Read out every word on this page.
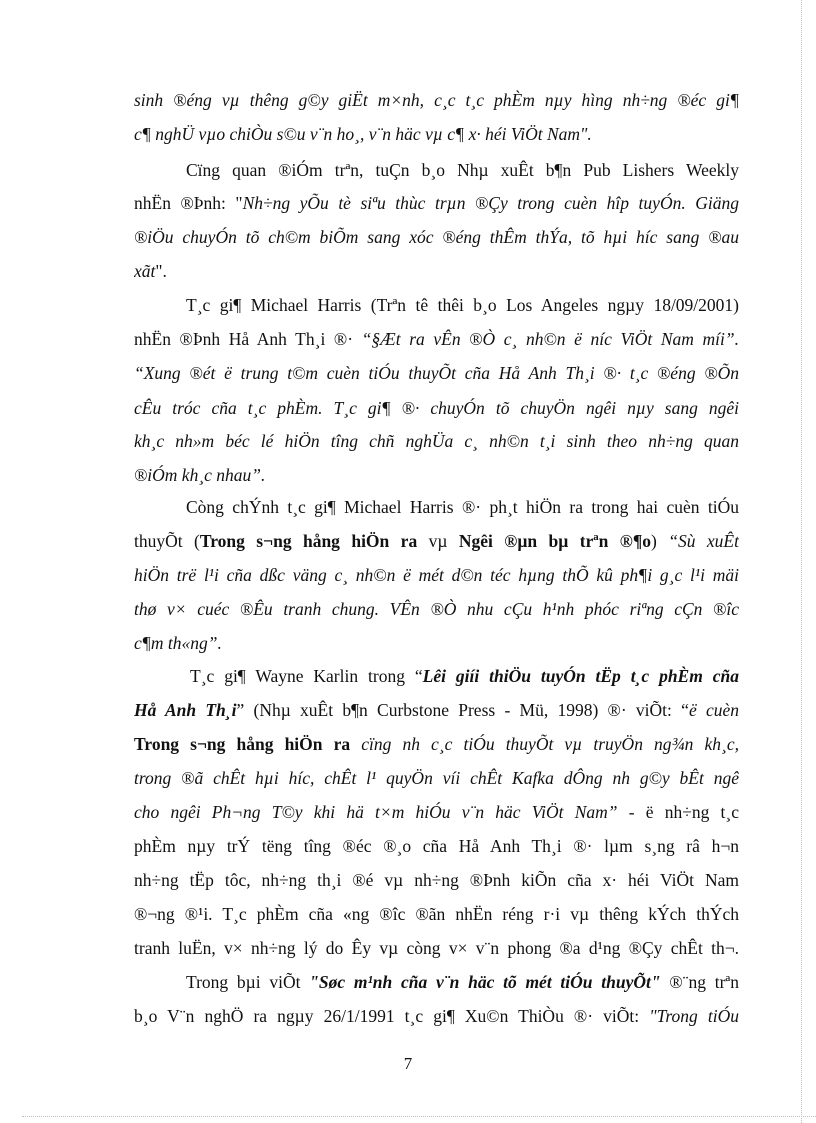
sinh ®éng vµ thêng g©y giËt m×nh, c¸c t¸c phÈm nµy hìng nh÷ng ®éc gi¶
c¶ nghÜ vµo chiÒu s©u v¨n ho¸, v¨n häc vµ c¶ x· héi ViÖt Nam".
Cïng quan ®iÓm trªn, tuÇn b¸o Nhµ xuÊt b¶n Pub Lishers Weekly
nhËn ®Þnh: "Nh÷ng yÕu tè siªu thùc trµn ®Çy trong cuèn hîp tuyÓn. Giäng
®iÖu chuyÓn tõ ch©m biÕm sang xóc ®éng thÊm thÝa, tõ hµi híc sang ®au
xãt".
T¸c gi¶ Michael Harris (Trªn tê thêi b¸o Los Angeles ngµy 18/09/2001)
nhËn ®Þnh Hå Anh Th¸i ®· “§Æt ra vÊn ®Ò c¸ nh©n ë níc ViÖt Nam míi”.
“Xung ®ét ë trung t©m cuèn tiÓu thuyÕt cña Hå Anh Th¸i ®· t¸c ®éng ®Õn
cÊu tróc cña t¸c phÈm. T¸c gi¶ ®· chuyÓn tõ chuyÖn ngêi nµy sang ngêi
kh¸c nh»m béc lé hiÖn tîng chñ nghÜa c¸ nh©n t¸i sinh theo nh÷ng quan
®iÓm kh¸c nhau”.
Còng chÝnh t¸c gi¶ Michael Harris ®· ph¸t hiÖn ra trong hai cuèn tiÓu
thuyÕt (Trong s¬ng hång hiÖn ra vµ Ngêi ®µn bµ trªn ®¶o) “Sù xuÊt
hiÖn trë l¹i cña dßc väng c¸ nh©n ë mét d©n téc hµng thÕ kû ph¶i g¸c l¹i mäi
thø v× cuéc ®Êu tranh chung. VÊn ®Ò nhu cÇu h¹nh phóc riªng cÇn ®îc
c¶m th«ng”.
T¸c gi¶ Wayne Karlin trong “Lêi giíi thiÖu tuyÓn tËp t¸c phÈm cña
Hå Anh Th¸i” (Nhµ xuÊt b¶n Curbstone Press - Mü, 1998) ®· viÕt: “ë cuèn
Trong s¬ng hång hiÖn ra cïng nh c¸c tiÓu thuyÕt vµ truyÖn ng¾n kh¸c,
trong ®ã chÊt hµi híc, chÊt l¹ quyÖn víi chÊt Kafka dÔng nh g©y bÊt ngê
cho ngêi Ph¬ng T©y khi hä t×m hiÓu v¨n häc ViÖt Nam” - ë nh÷ng t¸c
phÈm nµy trÝ tëng tîng ®éc ®¸o cña Hå Anh Th¸i ®· lµm s¸ng râ h¬n
nh÷ng tËp tôc, nh÷ng th¸i ®é vµ nh÷ng ®Þnh kiÕn cña x· héi ViÖt Nam
®¬ng ®¹i. T¸c phÈm cña «ng ®îc ®ãn nhËn réng r·i vµ thêng kÝch thÝch
tranh luËn, v× nh÷ng lý do Êy vµ còng v× v¨n phong ®a d¹ng ®Çy chÊt th¬.
Trong bµi viÕt "Søc m¹nh cña v¨n häc tõ mét tiÓu thuyÕt" ®¨ng trªn
b¸o V¨n nghÖ ra ngµy 26/1/1991 t¸c gi¶ Xu©n ThiÒu ®· viÕt: "Trong tiÓu
7
